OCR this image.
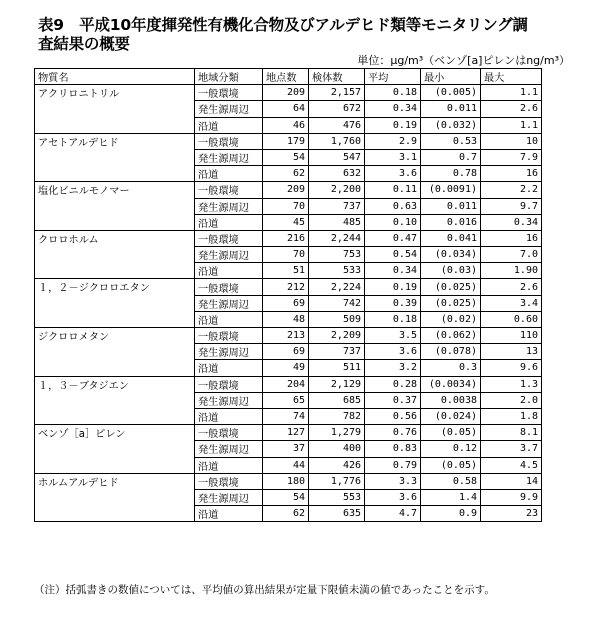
表9　平成10年度揮発性有機化合物及びアルデヒド類等モニタリング調
査結果の概要
単位：μg/m³（ベンゾ[a]ピレンはng/m³）
物質名	地域分類	地点数	検体数	平均	最小	最大
アクリロニトリル	一般環境	209	2,157	0.18	(0.005)	1.1
	発生源周辺	64	672	0.34	0.011	2.6
	沿道	46	476	0.19	(0.032)	1.1
アセトアルデヒド	一般環境	179	1,760	2.9	0.53	10
	発生源周辺	54	547	3.1	0.7	7.9
	沿道	62	632	3.6	0.78	16
塩化ビニルモノマー	一般環境	209	2,200	0.11	(0.0091)	2.2
	発生源周辺	70	737	0.63	0.011	9.7
	沿道	45	485	0.10	0.016	0.34
クロロホルム	一般環境	216	2,244	0.47	0.041	16
	発生源周辺	70	753	0.54	(0.034)	7.0
	沿道	51	533	0.34	(0.03)	1.90
１，２－ジクロロエタン	一般環境	212	2,224	0.19	(0.025)	2.6
	発生源周辺	69	742	0.39	(0.025)	3.4
	沿道	48	509	0.18	(0.02)	0.60
ジクロロメタン	一般環境	213	2,209	3.5	(0.062)	110
	発生源周辺	69	737	3.6	(0.078)	13
	沿道	49	511	3.2	0.3	9.6
１，３－ブタジエン	一般環境	204	2,129	0.28	(0.0034)	1.3
	発生源周辺	65	685	0.37	0.0038	2.0
	沿道	74	782	0.56	(0.024)	1.8
ベンゾ［a］ピレン	一般環境	127	1,279	0.76	(0.05)	8.1
	発生源周辺	37	400	0.83	0.12	3.7
	沿道	44	426	0.79	(0.05)	4.5
ホルムアルデヒド	一般環境	180	1,776	3.3	0.58	14
	発生源周辺	54	553	3.6	1.4	9.9
	沿道	62	635	4.7	0.9	23
（注）括弧書きの数値については、平均値の算出結果が定量下限値未満の値であったことを示す。
